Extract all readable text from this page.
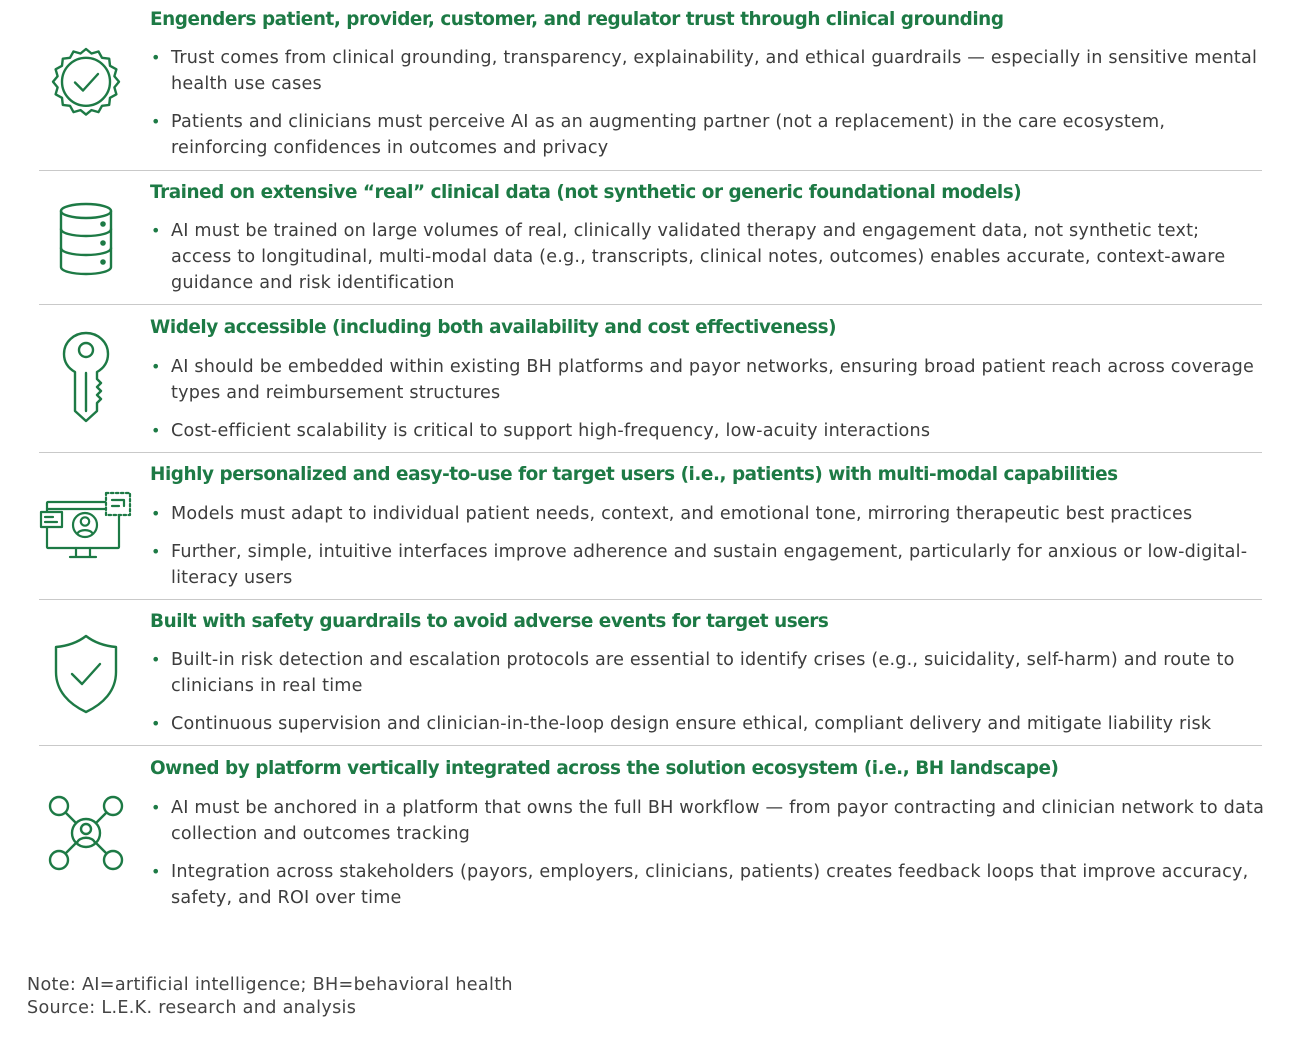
Engenders patient, provider, customer, and regulator trust through clinical grounding
• Trust comes from clinical grounding, transparency, explainability, and ethical guardrails — especially in sensitive mental health use cases
• Patients and clinicians must perceive AI as an augmenting partner (not a replacement) in the care ecosystem, reinforcing confidences in outcomes and privacy
Trained on extensive “real” clinical data (not synthetic or generic foundational models)
• AI must be trained on large volumes of real, clinically validated therapy and engagement data, not synthetic text; access to longitudinal, multi-modal data (e.g., transcripts, clinical notes, outcomes) enables accurate, context-aware guidance and risk identification
Widely accessible (including both availability and cost effectiveness)
• AI should be embedded within existing BH platforms and payor networks, ensuring broad patient reach across coverage types and reimbursement structures
• Cost-efficient scalability is critical to support high-frequency, low-acuity interactions
Highly personalized and easy-to-use for target users (i.e., patients) with multi-modal capabilities
• Models must adapt to individual patient needs, context, and emotional tone, mirroring therapeutic best practices
• Further, simple, intuitive interfaces improve adherence and sustain engagement, particularly for anxious or low-digital-literacy users
Built with safety guardrails to avoid adverse events for target users
• Built-in risk detection and escalation protocols are essential to identify crises (e.g., suicidality, self-harm) and route to clinicians in real time
• Continuous supervision and clinician-in-the-loop design ensure ethical, compliant delivery and mitigate liability risk
Owned by platform vertically integrated across the solution ecosystem (i.e., BH landscape)
• AI must be anchored in a platform that owns the full BH workflow — from payor contracting and clinician network to data collection and outcomes tracking
• Integration across stakeholders (payors, employers, clinicians, patients) creates feedback loops that improve accuracy, safety, and ROI over time
Note: AI=artificial intelligence; BH=behavioral health
Source: L.E.K. research and analysis
